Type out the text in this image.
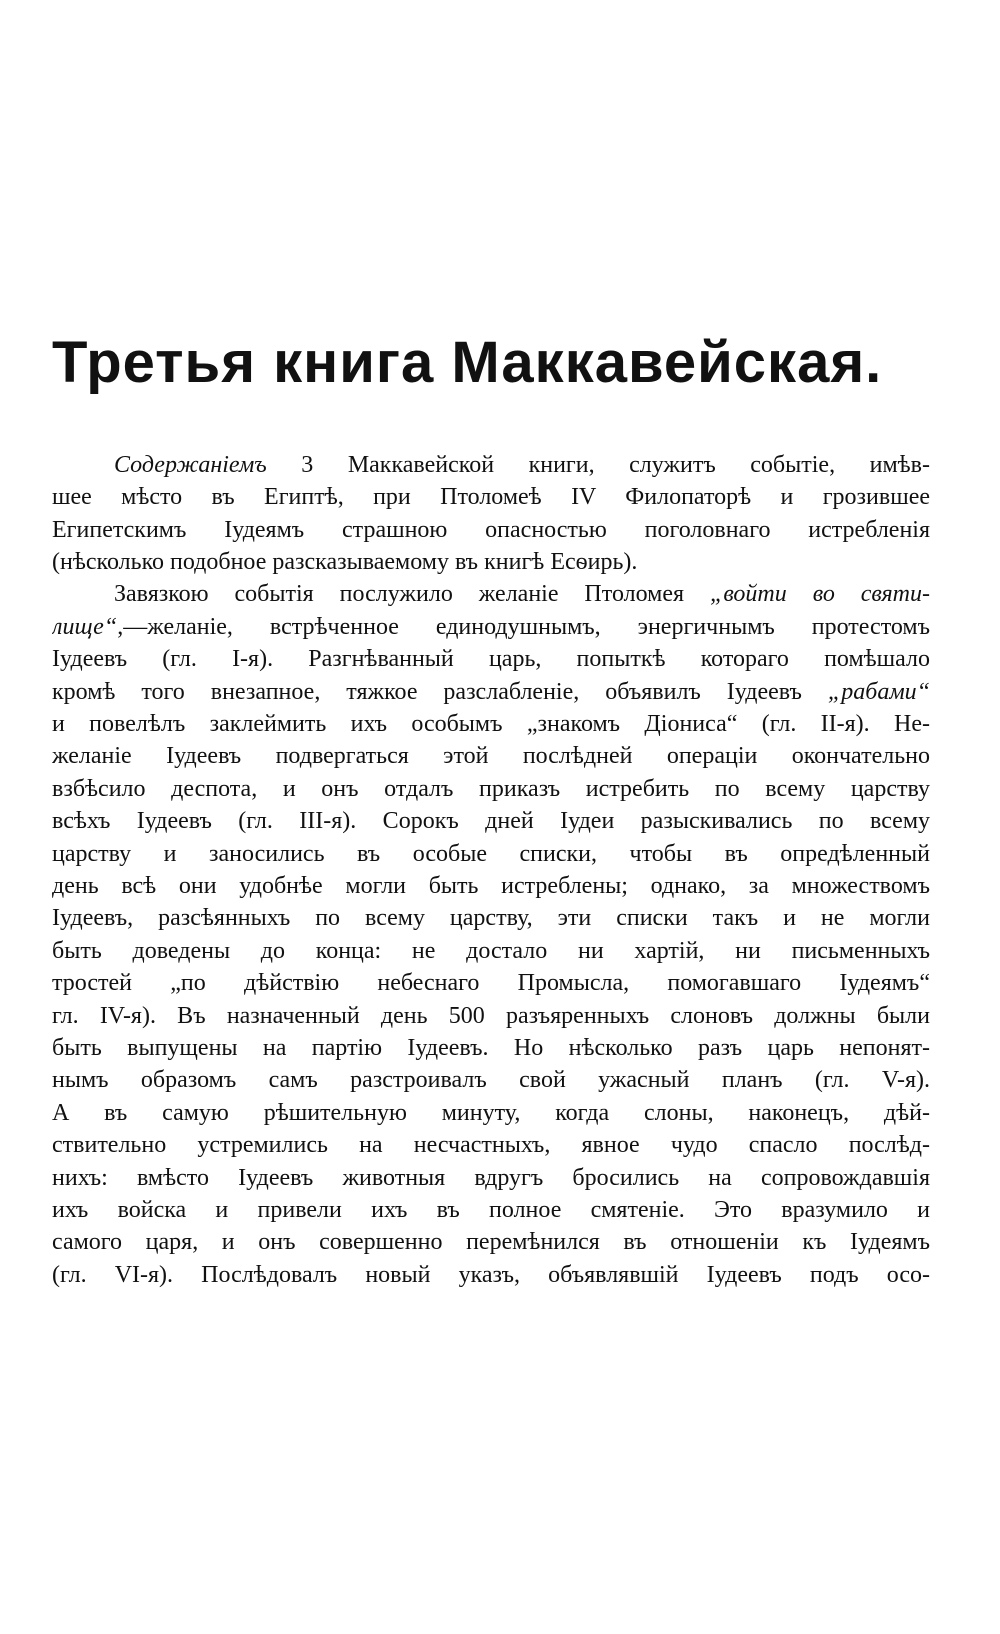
Третья книга Маккавейская.

Содержаніемъ 3 Маккавейской книги, служитъ событіе, имѣв-
шее мѣсто въ Египтѣ, при Птоломеѣ IV Филопаторѣ и грозившее
Египетскимъ Іудеямъ страшною опасностью поголовнаго истребленія
(нѣсколько подобное разсказываемому въ книгѣ Есѳирь).

Завязкою событія послужило желаніе Птоломея „войти во святи-
лище“,—желаніе, встрѣченное единодушнымъ, энергичнымъ протестомъ
Іудеевъ (гл. І-я). Разгнѣванный царь, попыткѣ котораго помѣшало
кромѣ того внезапное, тяжкое разслабленіе, объявилъ Іудеевъ „рабами“
и повелѣлъ заклеймить ихъ особымъ „знакомъ Діониса“ (гл. ІІ-я). Не-
желаніе Іудеевъ подвергаться этой послѣдней операціи окончательно
взбѣсило деспота, и онъ отдалъ приказъ истребить по всему царству
всѣхъ Іудеевъ (гл. ІІІ-я). Сорокъ дней Іудеи разыскивались по всему
царству и заносились въ особые списки, чтобы въ опредѣленный
день всѣ они удобнѣе могли быть истреблены; однако, за множествомъ
Іудеевъ, разсѣянныхъ по всему царству, эти списки такъ и не могли
быть доведены до конца: не достало ни хартій, ни письменныхъ
тростей „по дѣйствію небеснаго Промысла, помогавшаго Іудеямъ“
гл. IV-я). Въ назначенный день 500 разъяренныхъ слоновъ должны были
быть выпущены на партію Іудеевъ. Но нѣсколько разъ царь непонят-
нымъ образомъ самъ разстроивалъ свой ужасный планъ (гл. V-я).
А въ самую рѣшительную минуту, когда слоны, наконецъ, дѣй-
ствительно устремились на несчастныхъ, явное чудо спасло послѣд-
нихъ: вмѣсто Іудеевъ животныя вдругъ бросились на сопровождавшія
ихъ войска и привели ихъ въ полное смятеніе. Это вразумило и
самого царя, и онъ совершенно перемѣнился въ отношеніи къ Іудеямъ
(гл. VI-я). Послѣдовалъ новый указъ, объявлявшій Іудеевъ подъ осо-
